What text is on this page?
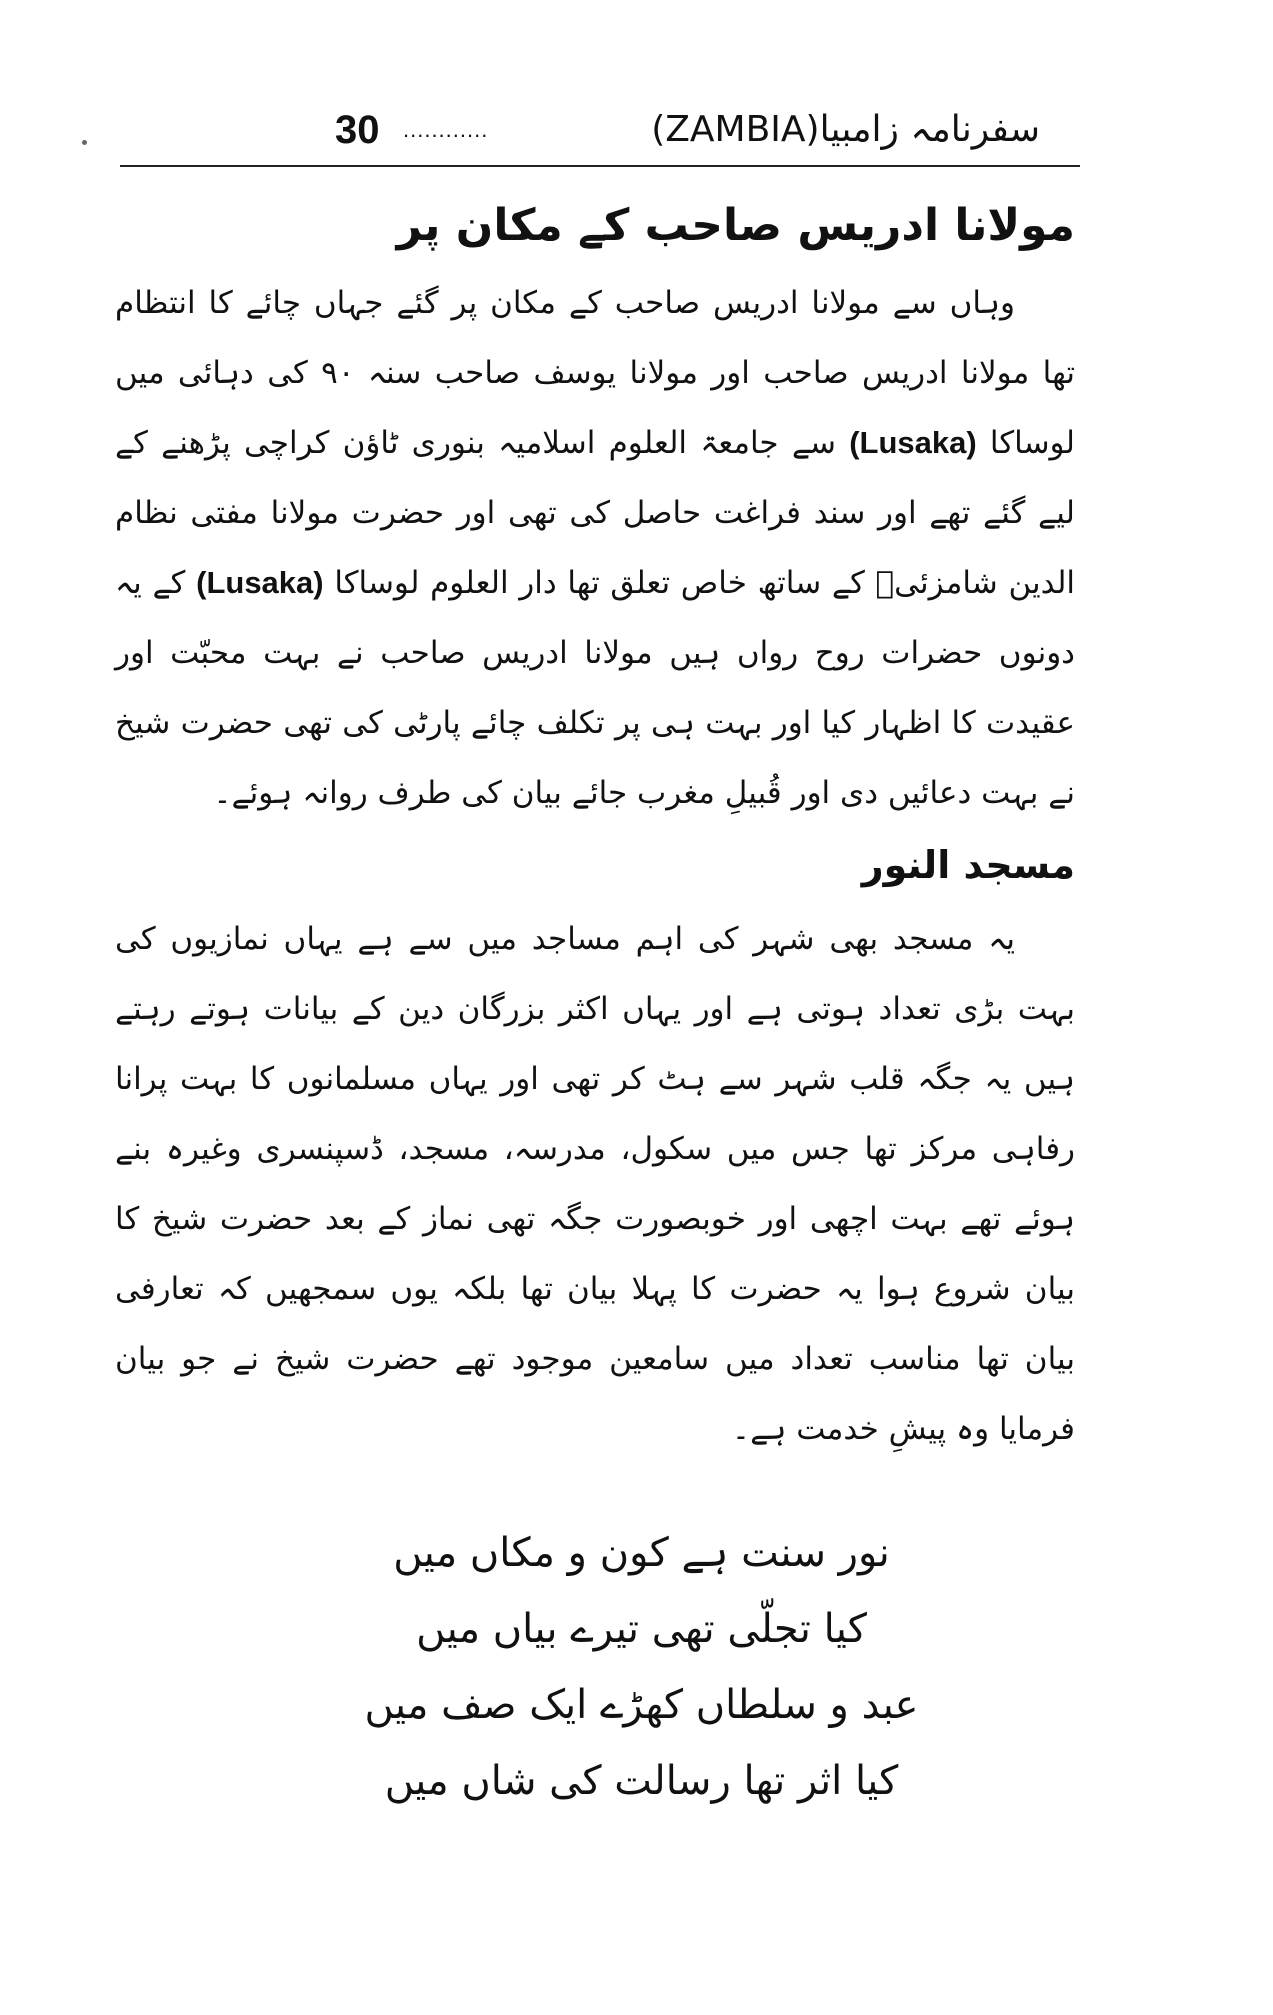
30 ............	سفرنامہ زامبیا(ZAMBIA)
مولانا ادریس صاحب کے مکان پر

وہاں سے مولانا ادریس صاحب کے مکان پر گئے جہاں چائے کا انتظام تھا مولانا ادریس صاحب اور مولانا یوسف صاحب سنہ ۹۰ کی دہائی میں لوساکا (Lusaka) سے جامعۃ العلوم اسلامیہ بنوری ٹاؤن کراچی پڑھنے کے لیے گئے تھے اور سند فراغت حاصل کی تھی اور حضرت مولانا مفتی نظام الدین شامزئیؒ کے ساتھ خاص تعلق تھا دار العلوم لوساکا (Lusaka) کے یہ دونوں حضرات روح رواں ہیں مولانا ادریس صاحب نے بہت محبّت اور عقیدت کا اظہار کیا اور بہت ہی پر تکلف چائے پارٹی کی تھی حضرت شیخ نے بہت دعائیں دی اور قُبیلِ مغرب جائے بیان کی طرف روانہ ہوئے۔

مسجد النور

یہ مسجد بھی شہر کی اہم مساجد میں سے ہے یہاں نمازیوں کی بہت بڑی تعداد ہوتی ہے اور یہاں اکثر بزرگان دین کے بیانات ہوتے رہتے ہیں یہ جگہ قلب شہر سے ہٹ کر تھی اور یہاں مسلمانوں کا بہت پرانا رفاہی مرکز تھا جس میں سکول، مدرسہ، مسجد، ڈسپنسری وغیرہ بنے ہوئے تھے بہت اچھی اور خوبصورت جگہ تھی نماز کے بعد حضرت شیخ کا بیان شروع ہوا یہ حضرت کا پہلا بیان تھا بلکہ یوں سمجھیں کہ تعارفی بیان تھا مناسب تعداد میں سامعین موجود تھے حضرت شیخ نے جو بیان فرمایا وہ پیشِ خدمت ہے۔

نور سنت ہے کون و مکاں میں
کیا تجلّی تھی تیرے بیاں میں
عبد و سلطاں کھڑے ایک صف میں
کیا اثر تھا رسالت کی شاں میں
